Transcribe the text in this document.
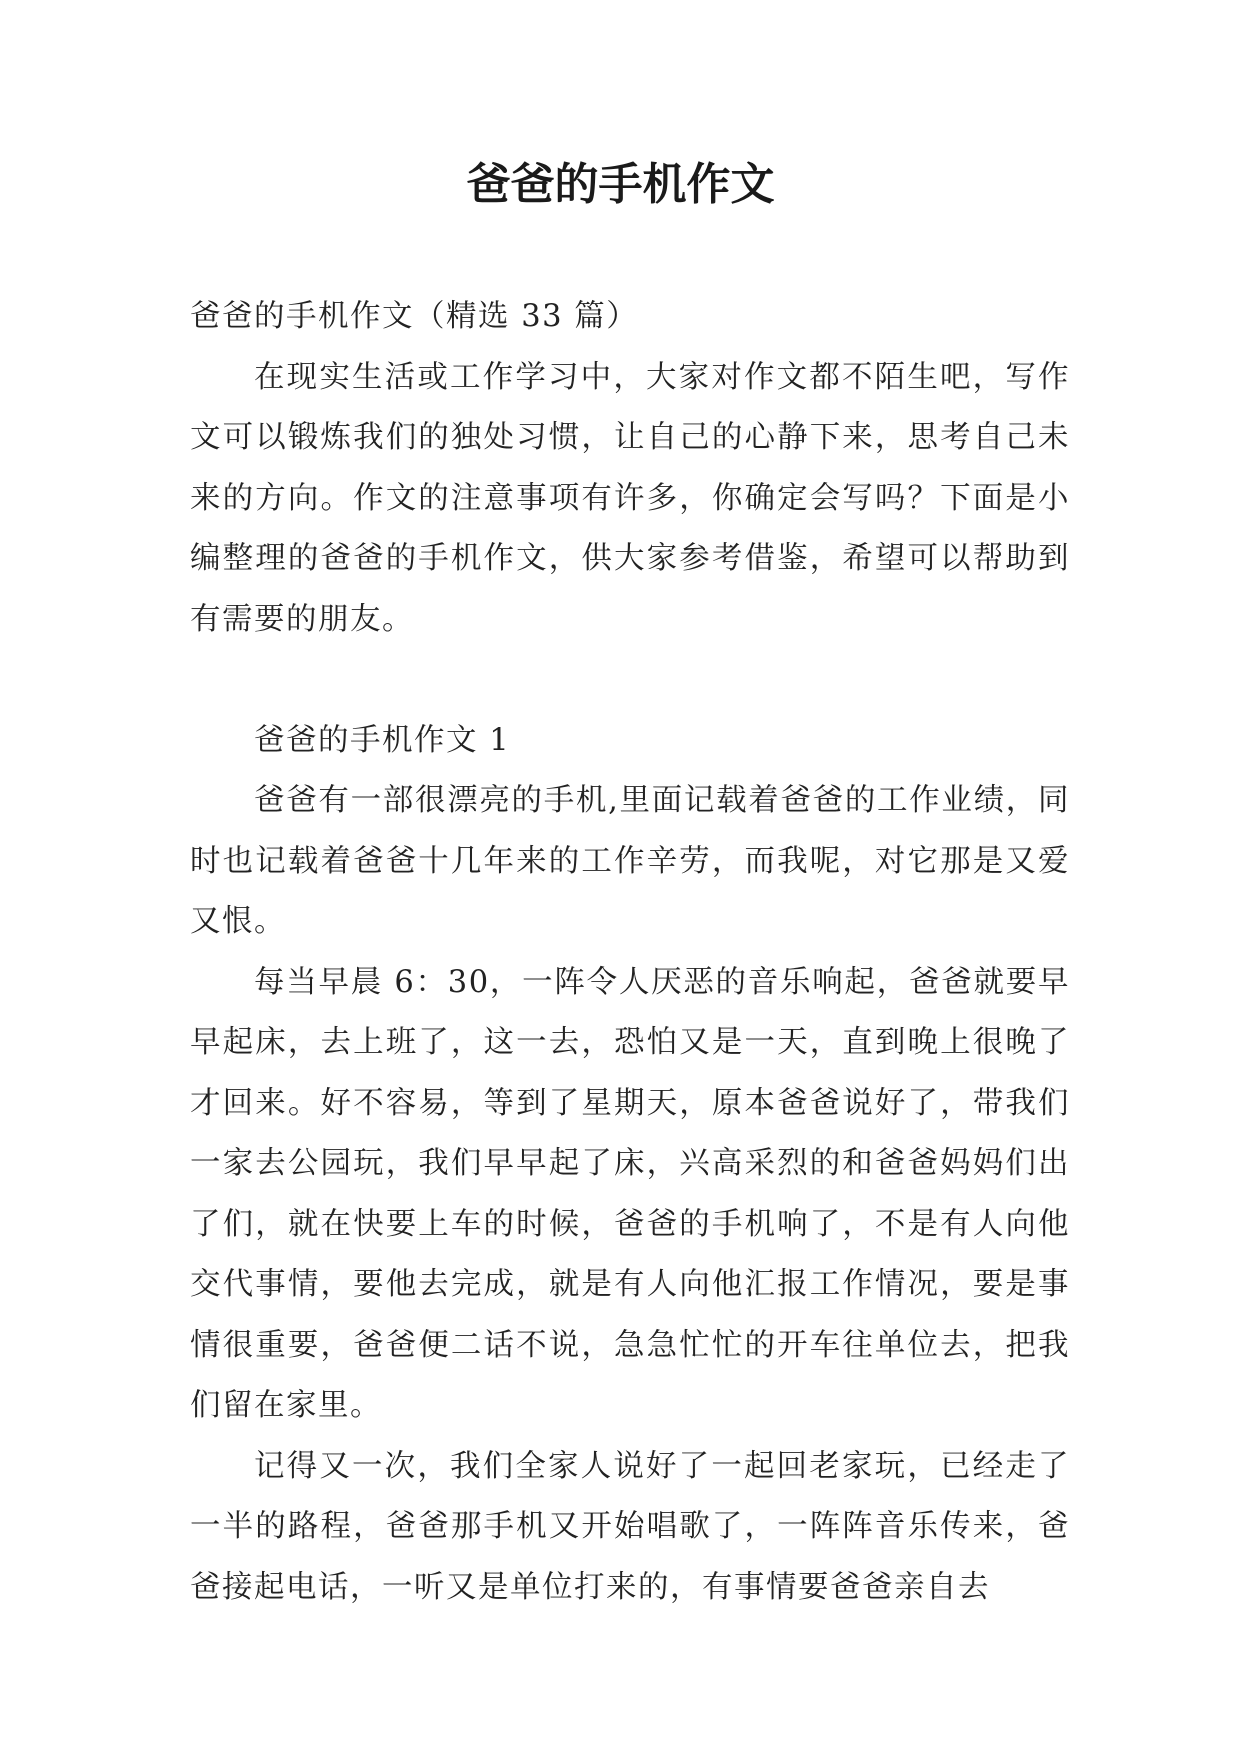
爸爸的手机作文

爸爸的手机作文（精选 33 篇）

在现实生活或工作学习中，大家对作文都不陌生吧，写作文可以锻炼我们的独处习惯，让自己的心静下来，思考自己未来的方向。作文的注意事项有许多，你确定会写吗？下面是小编整理的爸爸的手机作文，供大家参考借鉴，希望可以帮助到有需要的朋友。

爸爸的手机作文 1

爸爸有一部很漂亮的手机,里面记载着爸爸的工作业绩，同时也记载着爸爸十几年来的工作辛劳，而我呢，对它那是又爱又恨。

每当早晨 6：30，一阵令人厌恶的音乐响起，爸爸就要早早起床，去上班了，这一去，恐怕又是一天，直到晚上很晚了才回来。好不容易，等到了星期天，原本爸爸说好了，带我们一家去公园玩，我们早早起了床，兴高采烈的和爸爸妈妈们出了们，就在快要上车的时候，爸爸的手机响了，不是有人向他交代事情，要他去完成，就是有人向他汇报工作情况，要是事情很重要，爸爸便二话不说，急急忙忙的开车往单位去，把我们留在家里。

记得又一次，我们全家人说好了一起回老家玩，已经走了一半的路程，爸爸那手机又开始唱歌了，一阵阵音乐传来，爸爸接起电话，一听又是单位打来的，有事情要爸爸亲自去
